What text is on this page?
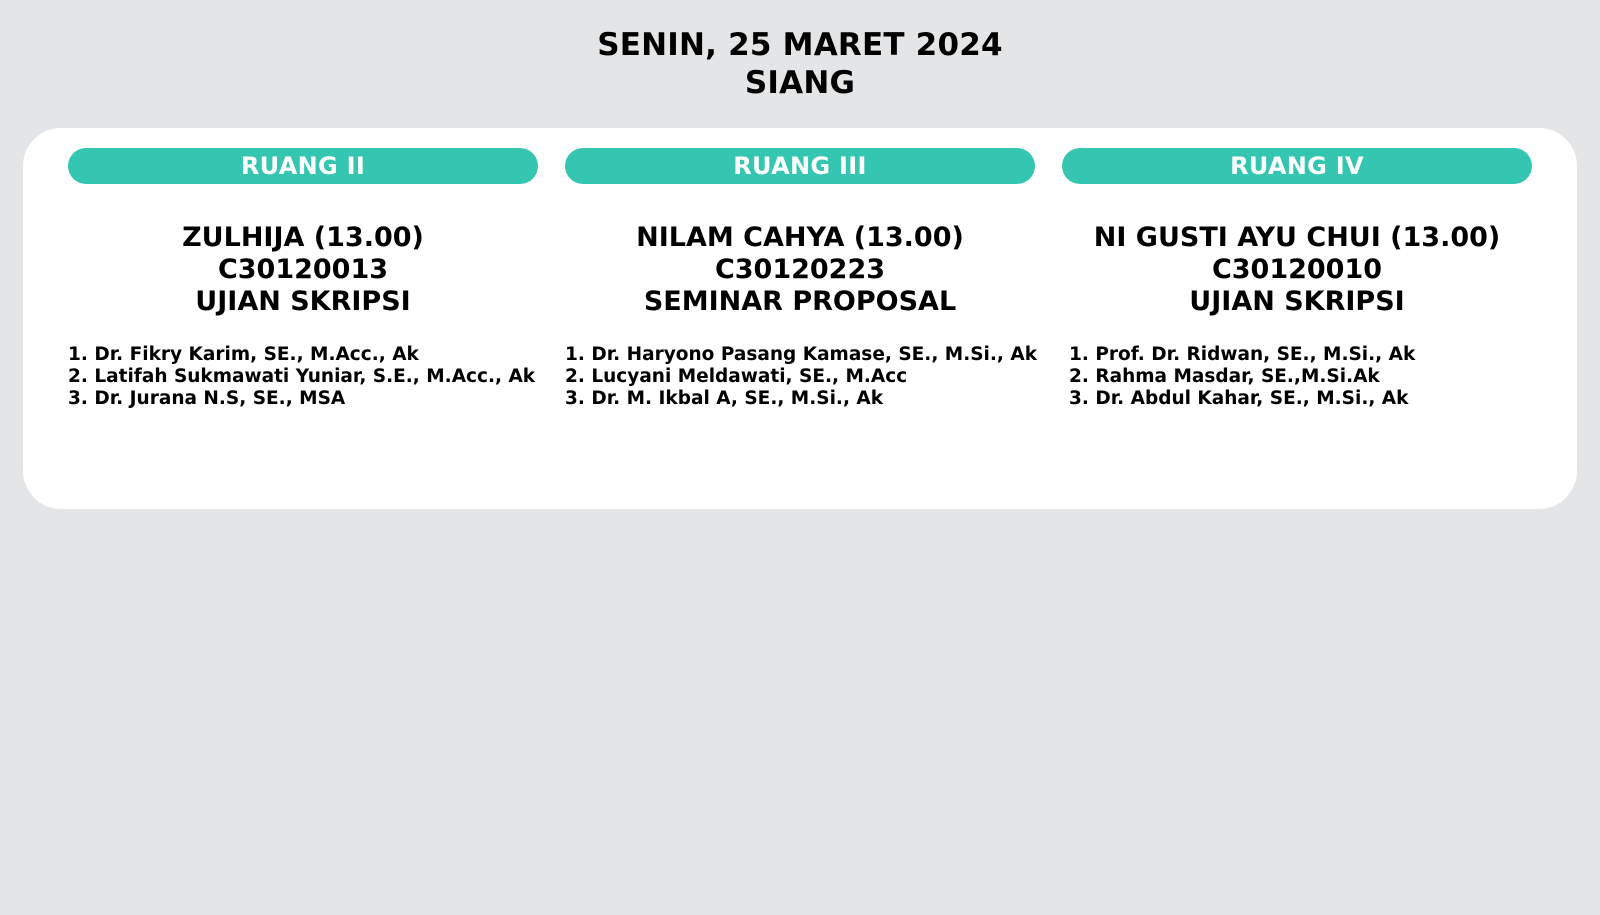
SENIN, 25 MARET 2024
SIANG
RUANG II
ZULHIJA (13.00)
C30120013
UJIAN SKRIPSI
1. Dr. Fikry Karim, SE., M.Acc., Ak
2. Latifah Sukmawati Yuniar, S.E., M.Acc., Ak
3. Dr. Jurana N.S, SE., MSA
RUANG III
NILAM CAHYA (13.00)
C30120223
SEMINAR PROPOSAL
1. Dr. Haryono Pasang Kamase, SE., M.Si., Ak
2. Lucyani Meldawati, SE., M.Acc
3. Dr. M. Ikbal A, SE., M.Si., Ak
RUANG IV
NI GUSTI AYU CHUI (13.00)
C30120010
UJIAN SKRIPSI
1. Prof. Dr. Ridwan, SE., M.Si., Ak
2. Rahma Masdar, SE.,M.Si.Ak
3. Dr. Abdul Kahar, SE., M.Si., Ak
